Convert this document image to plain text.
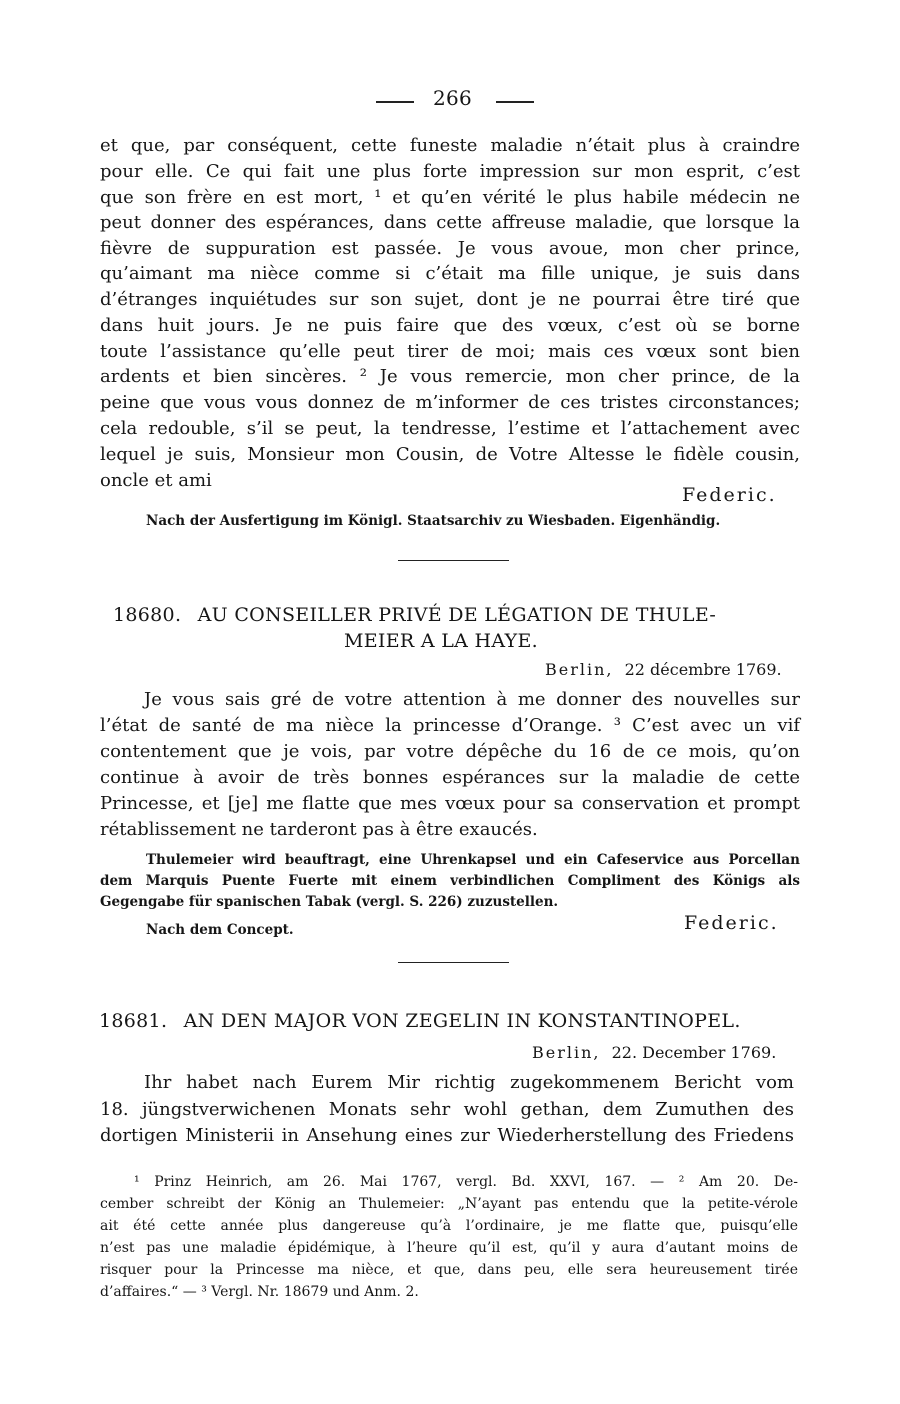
266
et que, par conséquent, cette funeste maladie n’était plus à craindre
pour elle. Ce qui fait une plus forte impression sur mon esprit, c’est
que son frère en est mort, ¹ et qu’en vérité le plus habile médecin ne
peut donner des espérances, dans cette affreuse maladie, que lorsque la
fièvre de suppuration est passée. Je vous avoue, mon cher prince,
qu’aimant ma nièce comme si c’était ma fille unique, je suis dans
d’étranges inquiétudes sur son sujet, dont je ne pourrai être tiré que
dans huit jours. Je ne puis faire que des vœux, c’est où se borne
toute l’assistance qu’elle peut tirer de moi; mais ces vœux sont bien
ardents et bien sincères. ² Je vous remercie, mon cher prince, de la
peine que vous vous donnez de m’informer de ces tristes circonstances;
cela redouble, s’il se peut, la tendresse, l’estime et l’attachement avec
lequel je suis, Monsieur mon Cousin, de Votre Altesse le fidèle cousin,
oncle et ami
Federic.
Nach der Ausfertigung im Königl. Staatsarchiv zu Wiesbaden. Eigenhändig.
18680. AU CONSEILLER PRIVÉ DE LÉGATION DE THULE-
MEIER A LA HAYE.
Berlin, 22 décembre 1769.
Je vous sais gré de votre attention à me donner des nouvelles sur
l’état de santé de ma nièce la princesse d’Orange. ³ C’est avec un vif
contentement que je vois, par votre dépêche du 16 de ce mois, qu’on
continue à avoir de très bonnes espérances sur la maladie de cette
Princesse, et [je] me flatte que mes vœux pour sa conservation et prompt
rétablissement ne tarderont pas à être exaucés.
Thulemeier wird beauftragt, eine Uhrenkapsel und ein Cafeservice aus Porcellan
dem Marquis Puente Fuerte mit einem verbindlichen Compliment des Königs als
Gegengabe für spanischen Tabak (vergl. S. 226) zuzustellen.
Nach dem Concept.	Federic.
18681. AN DEN MAJOR VON ZEGELIN IN KONSTANTINOPEL.
Berlin, 22. December 1769.
Ihr habet nach Eurem Mir richtig zugekommenem Bericht vom
18. jüngstverwichenen Monats sehr wohl gethan, dem Zumuthen des
dortigen Ministerii in Ansehung eines zur Wiederherstellung des Friedens
¹ Prinz Heinrich, am 26. Mai 1767, vergl. Bd. XXVI, 167. — ² Am 20. De-
cember schreibt der König an Thulemeier: „N’ayant pas entendu que la petite-vérole
ait été cette année plus dangereuse qu’à l’ordinaire, je me flatte que, puisqu’elle
n’est pas une maladie épidémique, à l’heure qu’il est, qu’il y aura d’autant moins de
risquer pour la Princesse ma nièce, et que, dans peu, elle sera heureusement tirée
d’affaires.“ — ³ Vergl. Nr. 18679 und Anm. 2.
